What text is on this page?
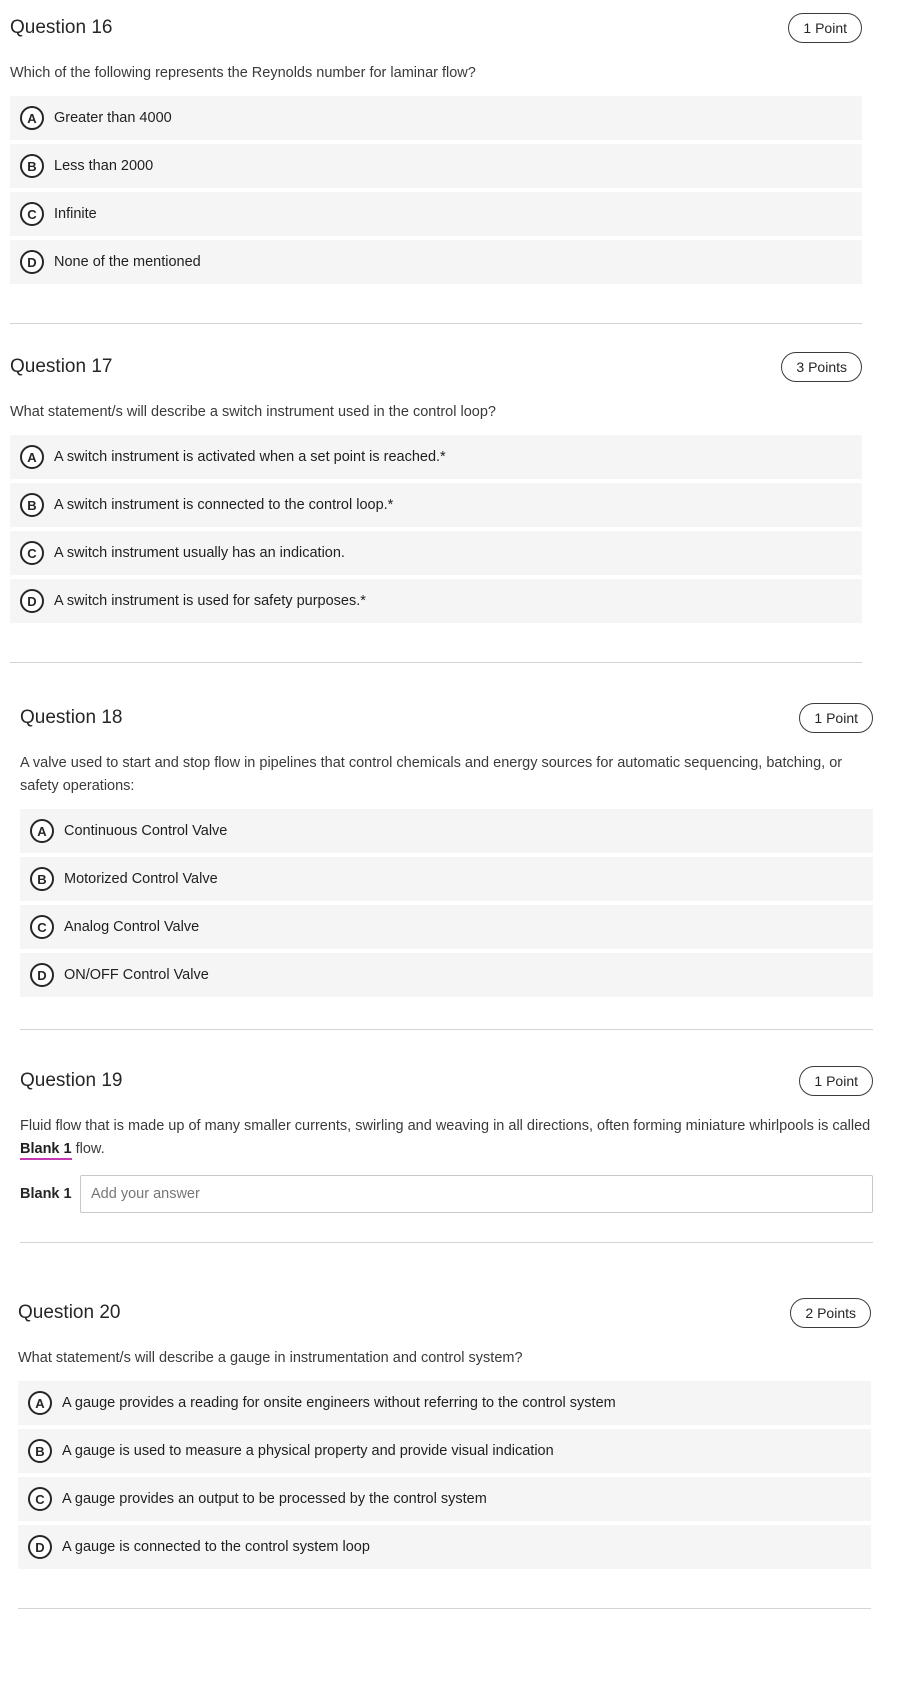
Question 16	1 Point
Which of the following represents the Reynolds number for laminar flow?
A	Greater than 4000
B	Less than 2000
C	Infinite
D	None of the mentioned
Question 17	3 Points
What statement/s will describe a switch instrument used in the control loop?
A	A switch instrument is activated when a set point is reached.*
B	A switch instrument is connected to the control loop.*
C	A switch instrument usually has an indication.
D	A switch instrument is used for safety purposes.*
Question 18	1 Point
A valve used to start and stop flow in pipelines that control chemicals and energy sources for automatic sequencing, batching, or safety operations:
A	Continuous Control Valve
B	Motorized Control Valve
C	Analog Control Valve
D	ON/OFF Control Valve
Question 19	1 Point
Fluid flow that is made up of many smaller currents, swirling and weaving in all directions, often forming miniature whirlpools is called Blank 1 flow.
Blank 1
Add your answer
Question 20	2 Points
What statement/s will describe a gauge in instrumentation and control system?
A	A gauge provides a reading for onsite engineers without referring to the control system
B	A gauge is used to measure a physical property and provide visual indication
C	A gauge provides an output to be processed by the control system
D	A gauge is connected to the control system loop
